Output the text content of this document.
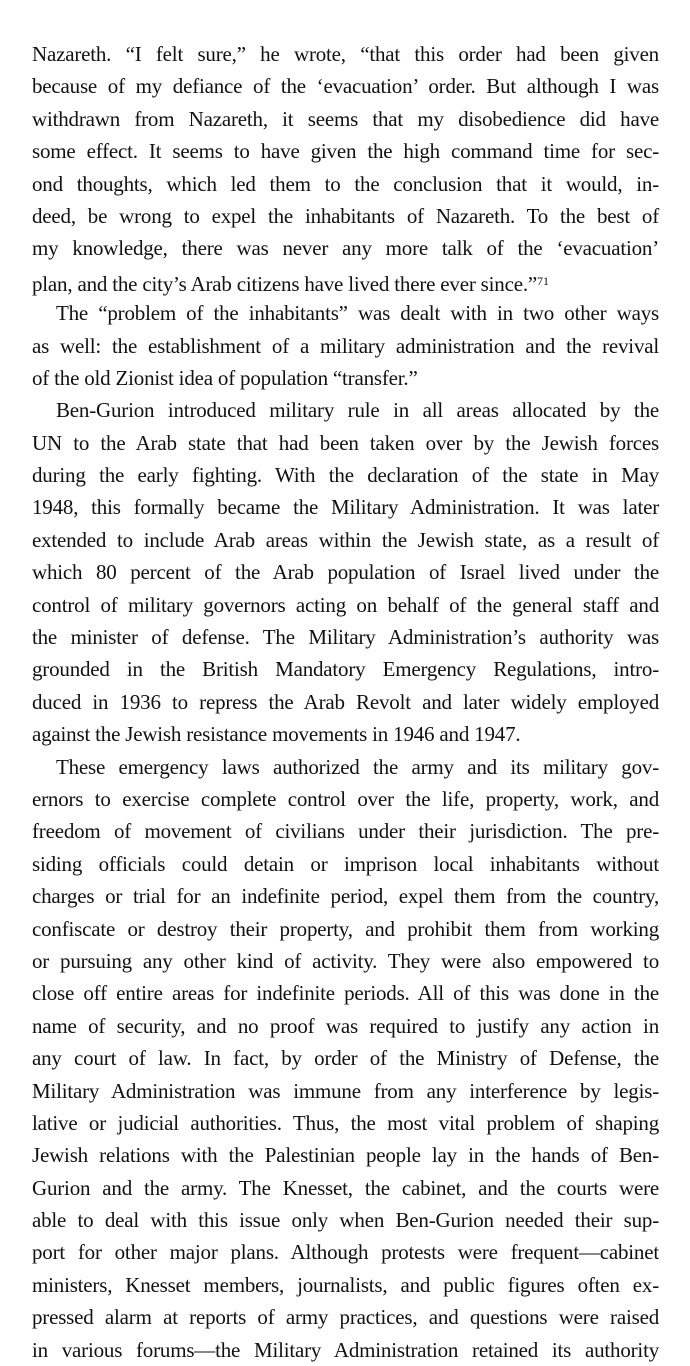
Nazareth. “I felt sure,” he wrote, “that this order had been given
because of my defiance of the ‘evacuation’ order. But although I was
withdrawn from Nazareth, it seems that my disobedience did have
some effect. It seems to have given the high command time for sec-
ond thoughts, which led them to the conclusion that it would, in-
deed, be wrong to expel the inhabitants of Nazareth. To the best of
my knowledge, there was never any more talk of the ‘evacuation’
plan, and the city’s Arab citizens have lived there ever since.”$^{71}$
The “problem of the inhabitants” was dealt with in two other ways
as well: the establishment of a military administration and the revival
of the old Zionist idea of population “transfer.”
Ben-Gurion introduced military rule in all areas allocated by the
UN to the Arab state that had been taken over by the Jewish forces
during the early fighting. With the declaration of the state in May
1948, this formally became the Military Administration. It was later
extended to include Arab areas within the Jewish state, as a result of
which 80 percent of the Arab population of Israel lived under the
control of military governors acting on behalf of the general staff and
the minister of defense. The Military Administration’s authority was
grounded in the British Mandatory Emergency Regulations, intro-
duced in 1936 to repress the Arab Revolt and later widely employed
against the Jewish resistance movements in 1946 and 1947.
These emergency laws authorized the army and its military gov-
ernors to exercise complete control over the life, property, work, and
freedom of movement of civilians under their jurisdiction. The pre-
siding officials could detain or imprison local inhabitants without
charges or trial for an indefinite period, expel them from the country,
confiscate or destroy their property, and prohibit them from working
or pursuing any other kind of activity. They were also empowered to
close off entire areas for indefinite periods. All of this was done in the
name of security, and no proof was required to justify any action in
any court of law. In fact, by order of the Ministry of Defense, the
Military Administration was immune from any interference by legis-
lative or judicial authorities. Thus, the most vital problem of shaping
Jewish relations with the Palestinian people lay in the hands of Ben-
Gurion and the army. The Knesset, the cabinet, and the courts were
able to deal with this issue only when Ben-Gurion needed their sup-
port for other major plans. Although protests were frequent—cabinet
ministers, Knesset members, journalists, and public figures often ex-
pressed alarm at reports of army practices, and questions were raised
in various forums—the Military Administration retained its authority
